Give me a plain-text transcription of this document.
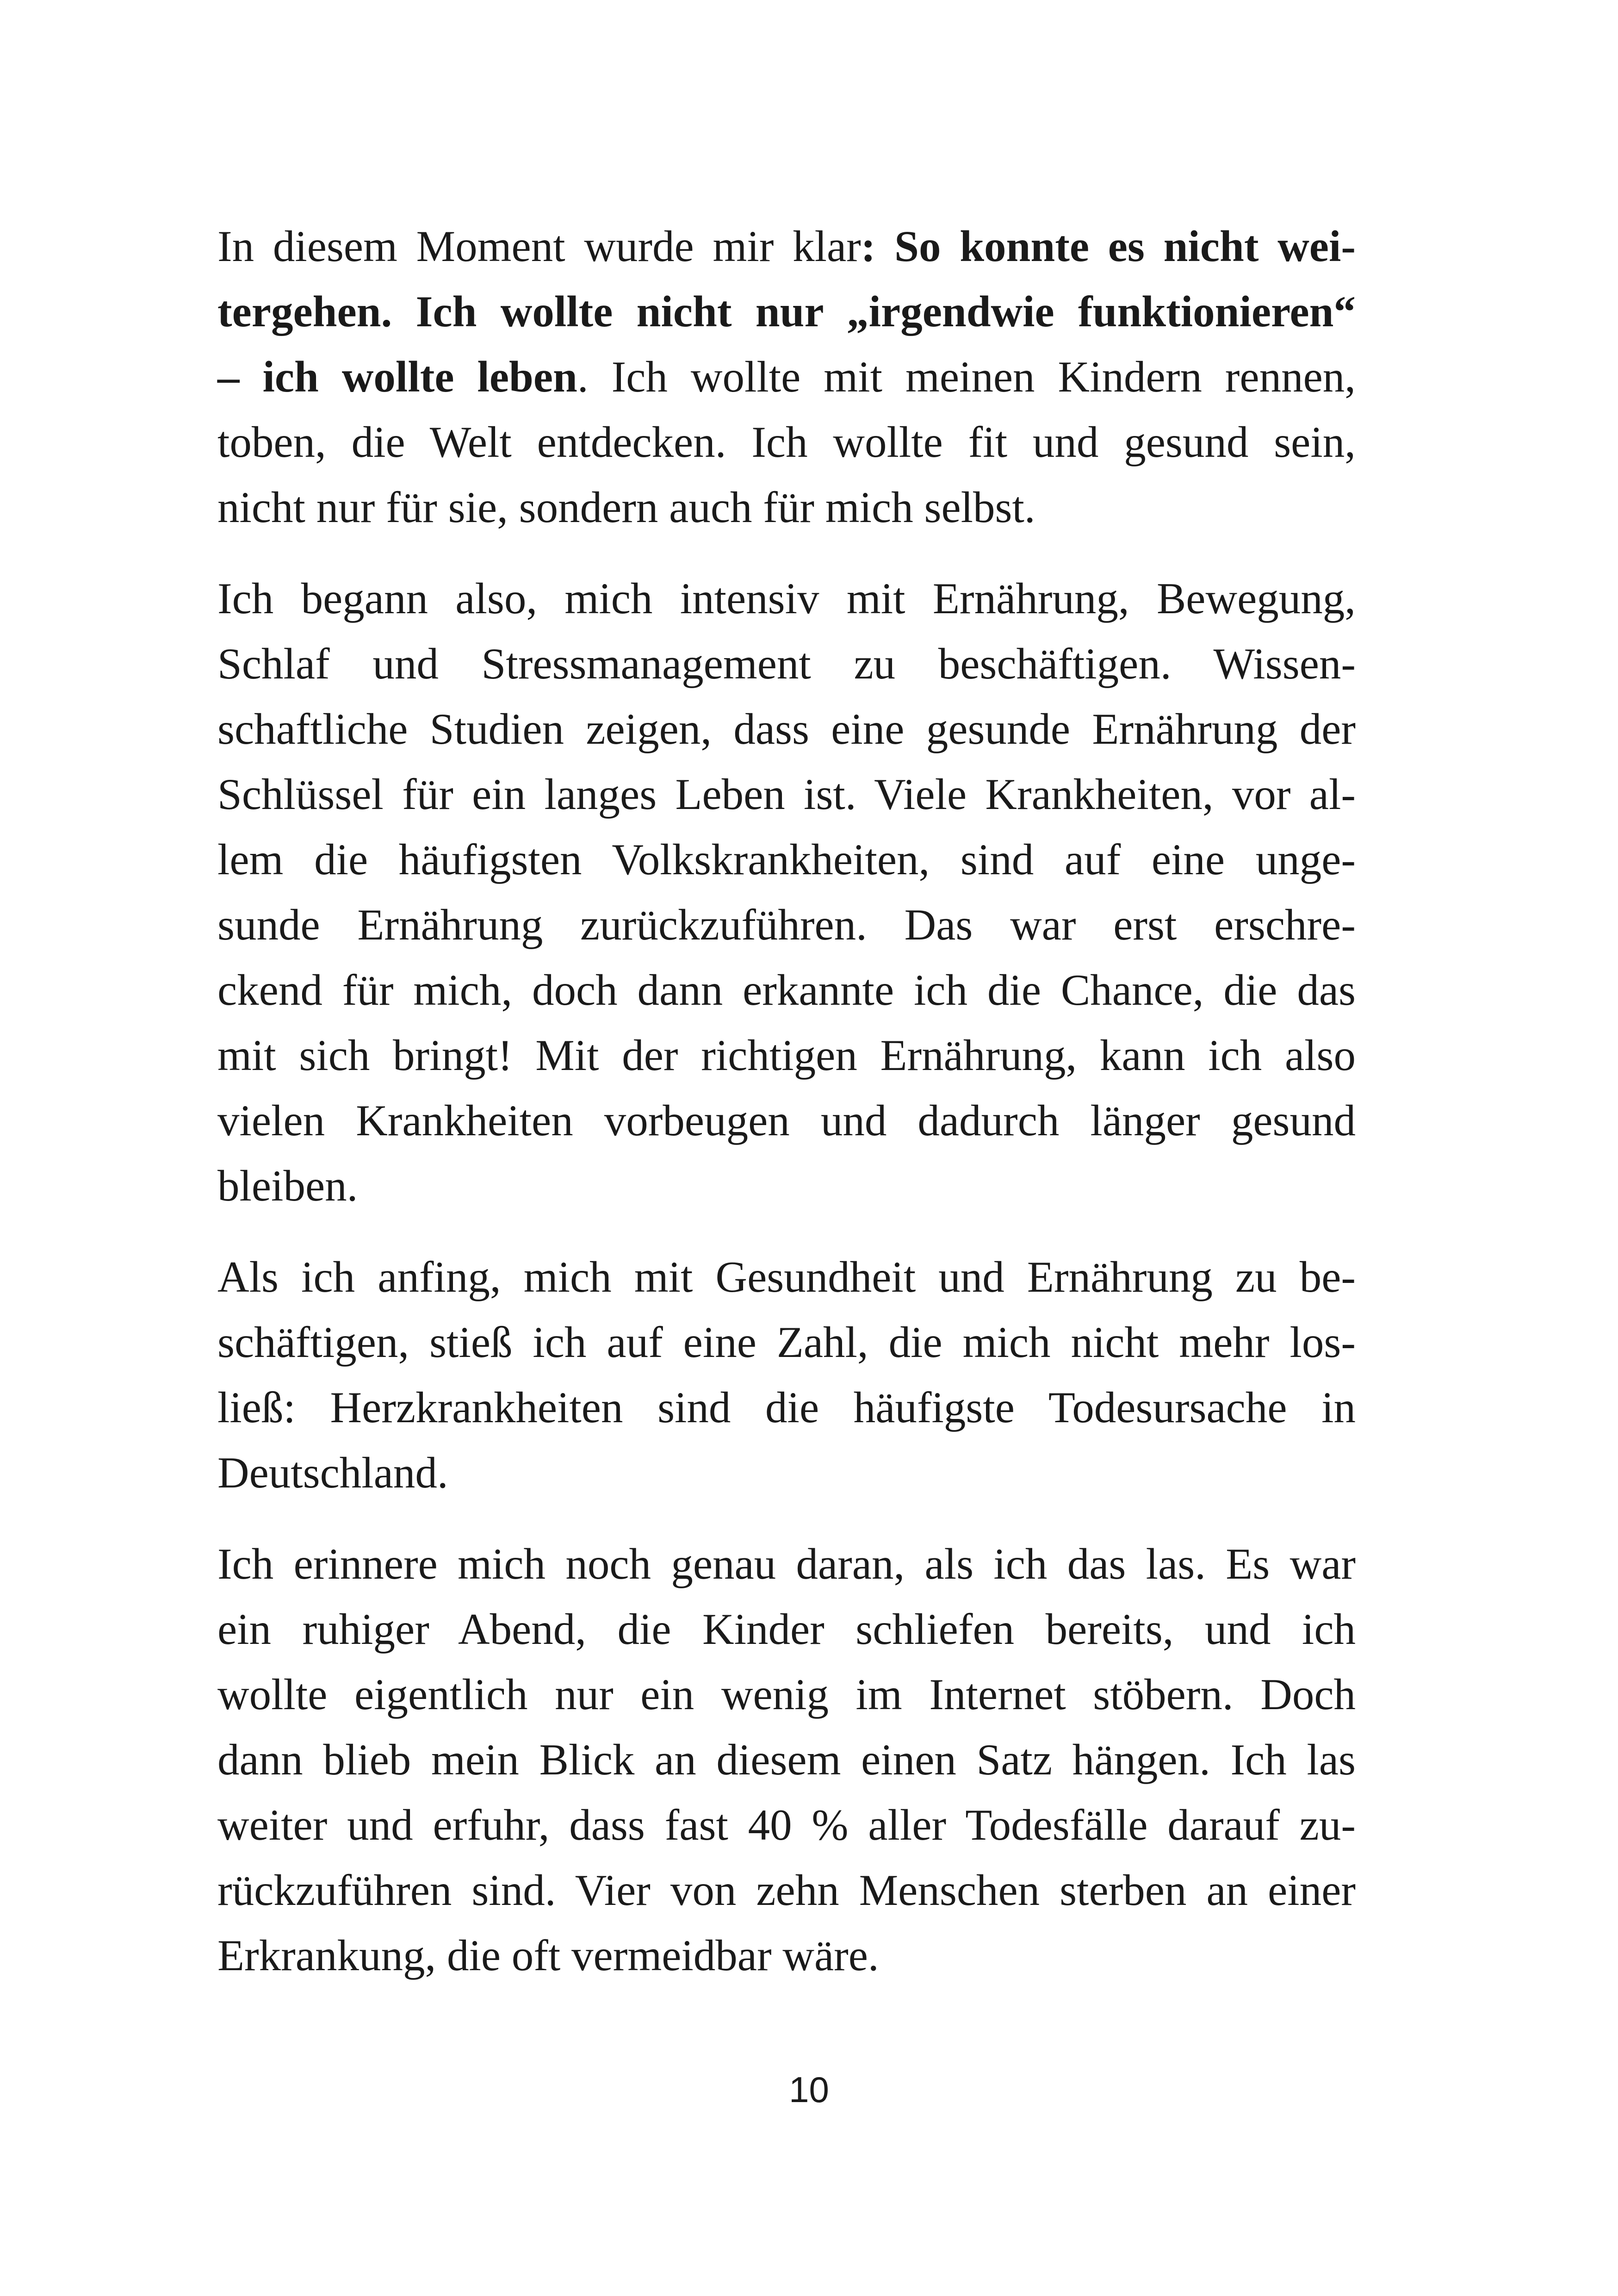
In diesem Moment wurde mir klar: So konnte es nicht wei-
tergehen. Ich wollte nicht nur „irgendwie funktionieren“
– ich wollte leben. Ich wollte mit meinen Kindern rennen,
toben, die Welt entdecken. Ich wollte fit und gesund sein,
nicht nur für sie, sondern auch für mich selbst.
Ich begann also, mich intensiv mit Ernährung, Bewegung,
Schlaf und Stressmanagement zu beschäftigen. Wissen-
schaftliche Studien zeigen, dass eine gesunde Ernährung der
Schlüssel für ein langes Leben ist. Viele Krankheiten, vor al-
lem die häufigsten Volkskrankheiten, sind auf eine unge-
sunde Ernährung zurückzuführen. Das war erst erschre-
ckend für mich, doch dann erkannte ich die Chance, die das
mit sich bringt! Mit der richtigen Ernährung, kann ich also
vielen Krankheiten vorbeugen und dadurch länger gesund
bleiben.
Als ich anfing, mich mit Gesundheit und Ernährung zu be-
schäftigen, stieß ich auf eine Zahl, die mich nicht mehr los-
ließ: Herzkrankheiten sind die häufigste Todesursache in
Deutschland.
Ich erinnere mich noch genau daran, als ich das las. Es war
ein ruhiger Abend, die Kinder schliefen bereits, und ich
wollte eigentlich nur ein wenig im Internet stöbern. Doch
dann blieb mein Blick an diesem einen Satz hängen. Ich las
weiter und erfuhr, dass fast 40 % aller Todesfälle darauf zu-
rückzuführen sind. Vier von zehn Menschen sterben an einer
Erkrankung, die oft vermeidbar wäre.
10
